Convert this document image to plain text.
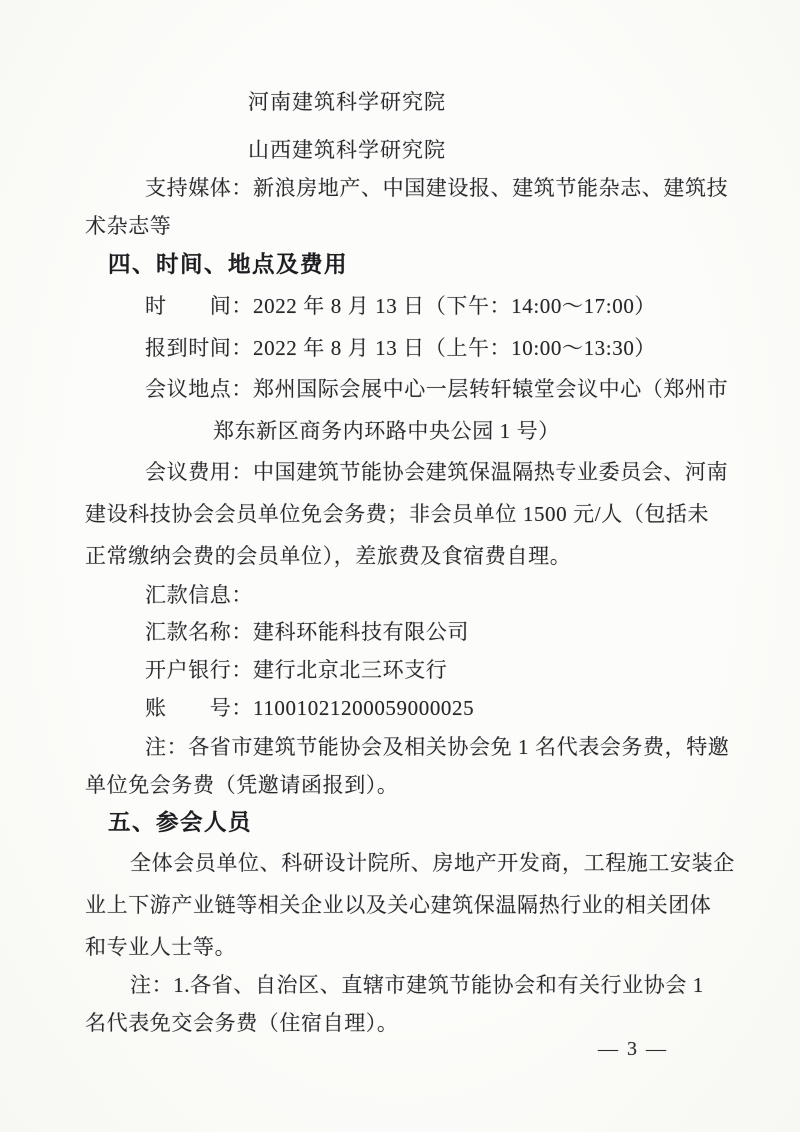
河南建筑科学研究院
山西建筑科学研究院
支持媒体：新浪房地产、中国建设报、建筑节能杂志、建筑技
术杂志等
四、时间、地点及费用
时　　间：2022 年 8 月 13 日（下午：14:00～17:00）
报到时间：2022 年 8 月 13 日（上午：10:00～13:30）
会议地点：郑州国际会展中心一层转轩辕堂会议中心（郑州市
郑东新区商务内环路中央公园 1 号）
会议费用：中国建筑节能协会建筑保温隔热专业委员会、河南
建设科技协会会员单位免会务费；非会员单位 1500 元/人（包括未
正常缴纳会费的会员单位），差旅费及食宿费自理。
汇款信息：
汇款名称：建科环能科技有限公司
开户银行：建行北京北三环支行
账　　号：11001021200059000025
注：各省市建筑节能协会及相关协会免 1 名代表会务费，特邀
单位免会务费（凭邀请函报到）。
五、参会人员
全体会员单位、科研设计院所、房地产开发商，工程施工安装企
业上下游产业链等相关企业以及关心建筑保温隔热行业的相关团体
和专业人士等。
注：1.各省、自治区、直辖市建筑节能协会和有关行业协会 1
名代表免交会务费（住宿自理）。
— 3 —
